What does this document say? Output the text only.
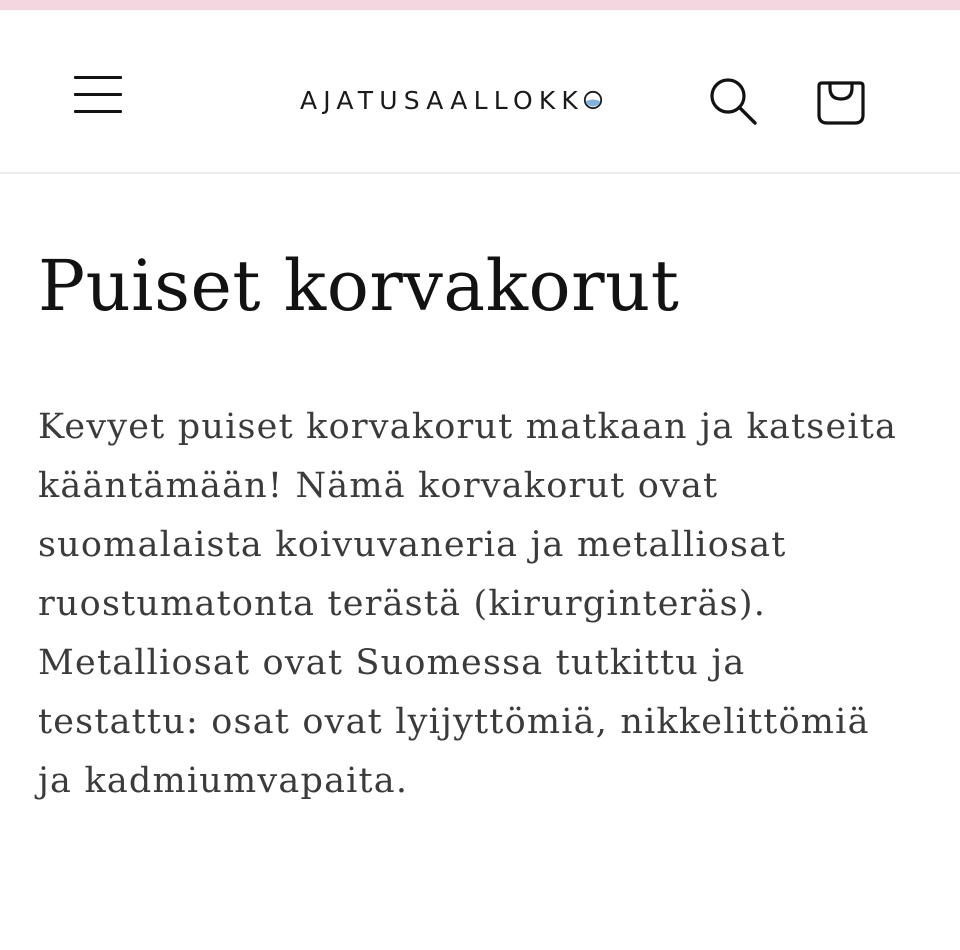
AJATUSAALLOKK
Puiset korvakorut
Kevyet puiset korvakorut matkaan ja katseita
kääntämään! Nämä korvakorut ovat
suomalaista koivuvaneria ja metalliosat
ruostumatonta terästä (kirurginteräs).
Metalliosat ovat Suomessa tutkittu ja
testattu: osat ovat lyijyttömiä, nikkelittömiä
ja kadmiumvapaita.
